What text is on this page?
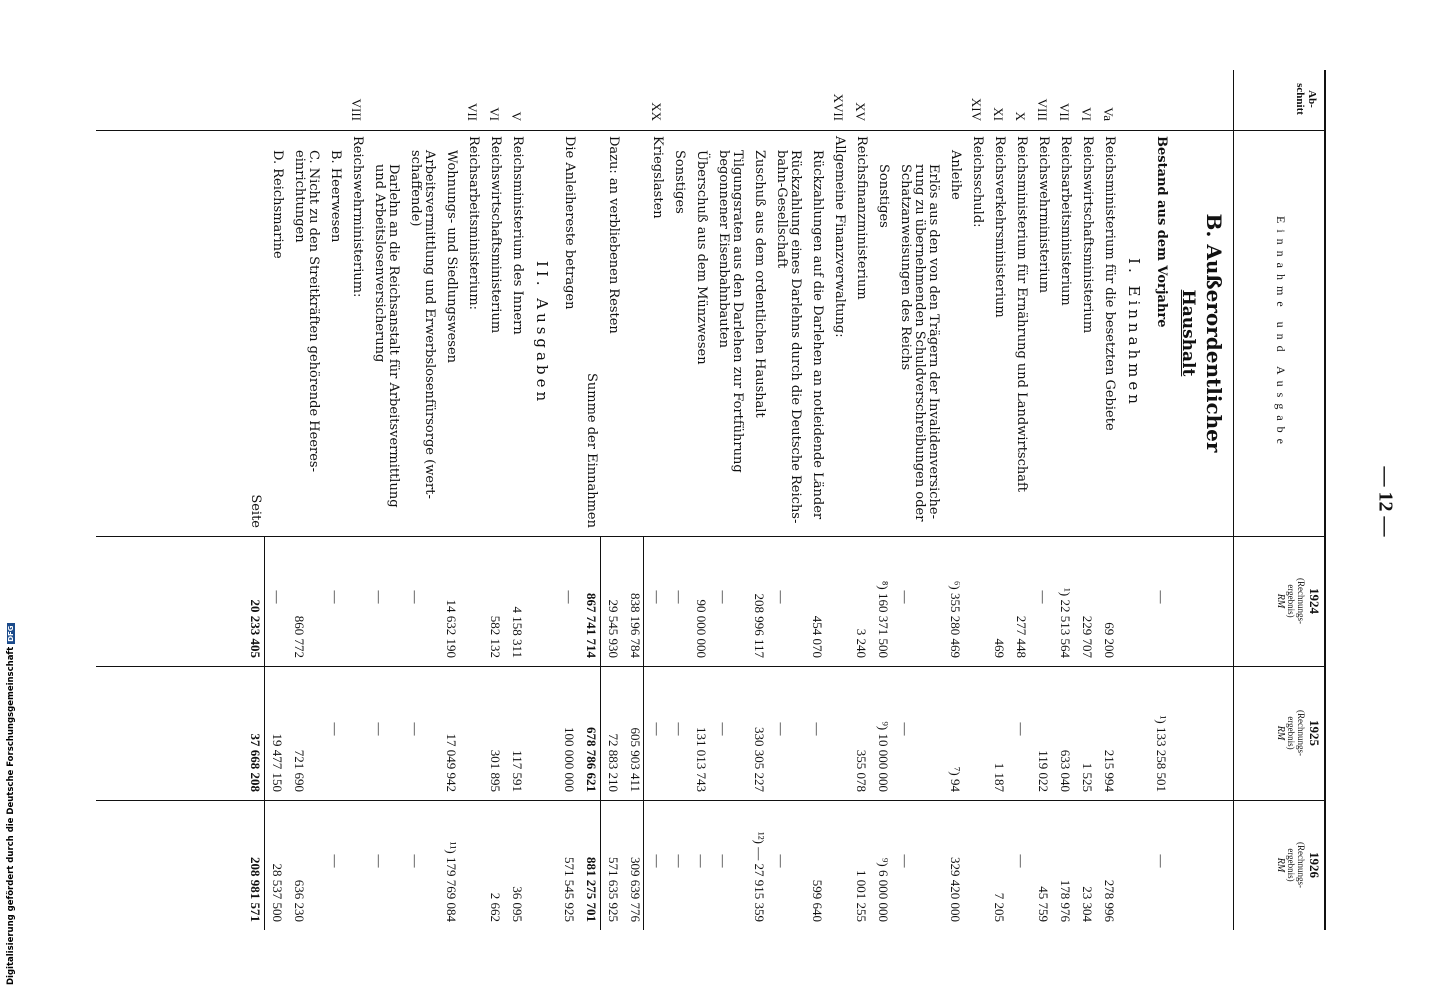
— 12 —
Ab-
schnitt
Einnahme und Ausgabe
1924
(Rechnungs-
ergebnis)
RM
1925
(Rechnungs-
ergebnis)
RM
1926
(Rechnungs-
ergebnis)
RM
B. Außerordentlicher
Haushalt
Bestand aus dem Vorjahre
—
¹) 133 258 501
—
I. Einnahmen
Va
Reichsministerium für die besetzten Gebiete
69 200
215 994
278 996
VI
Reichswirtschaftsministerium
229 707
1 525
23 304
VII
Reichsarbeitsministerium
¹) 22 513 564
633 040
178 976
VIII
Reichswehrministerium
—
119 022
45 759
X
Reichsministerium für Ernährung und Landwirtschaft
277 448
—
—
XI
Reichsverkehrsministerium
469
1 187
7 205
XIV
Reichsschuld:
Anleihe
⁶) 355 280 469
⁷) 94
329 420 000
Erlös aus den von den Trägern der Invalidenversiche-
rung zu übernehmenden Schuldverschreibungen oder
Schatzanweisungen des Reichs
—
—
—
Sonstiges
⁸) 160 371 500
⁹) 10 000 000
⁹) 6 000 000
XV
Reichsfinanzministerium
3 240
355 078
1 001 255
XVII
Allgemeine Finanzverwaltung:
Rückzahlungen auf die Darlehen an notleidende Länder
454 070
—
599 640
Rückzahlung eines Darlehns durch die Deutsche Reichs-
bahn-Gesellschaft
—
—
—
Zuschuß aus dem ordentlichen Haushalt
208 996 117
330 305 227
¹²) — 27 915 359
Tilgungsraten aus den Darlehen zur Fortführung
begonnener Eisenbahnbauten
—
—
—
Überschuß aus dem Münzwesen
90 000 000
131 013 743
—
Sonstiges
—
—
—
XX
Kriegslasten
—
—
—
838 196 784
605 903 411
309 639 776
Dazu: an verbliebenen Resten
29 545 930
72 883 210
571 635 925
Summe der Einnahmen
867 741 714
678 786 621
881 275 701
Die Anleihereste betragen
—
100 000 000
571 545 925
II. Ausgaben
V
Reichsministerium des Innern
4 158 311
117 591
36 095
VI
Reichswirtschaftsministerium
582 132
301 895
2 662
VII
Reichsarbeitsministerium:
Wohnungs- und Siedlungswesen
14 632 190
17 049 942
¹¹) 179 769 084
Arbeitsvermittlung und Erwerbslosenfürsorge (wert-
schaffende)
—
—
—
Darlehn an die Reichsanstalt für Arbeitsvermittlung
und Arbeitslosenversicherung
—
—
—
VIII
Reichswehrministerium:
B. Heerwesen
—
—
—
C. Nicht zu den Streitkräften gehörende Heeres-
einrichtungen
860 772
721 690
636 230
D. Reichsmarine
—
19 477 150
28 537 500
Seite
20 233 405
37 668 208
208 981 571
Digitalisierung gefördert durch die Deutsche ForschungsgemeinschaftDFG
